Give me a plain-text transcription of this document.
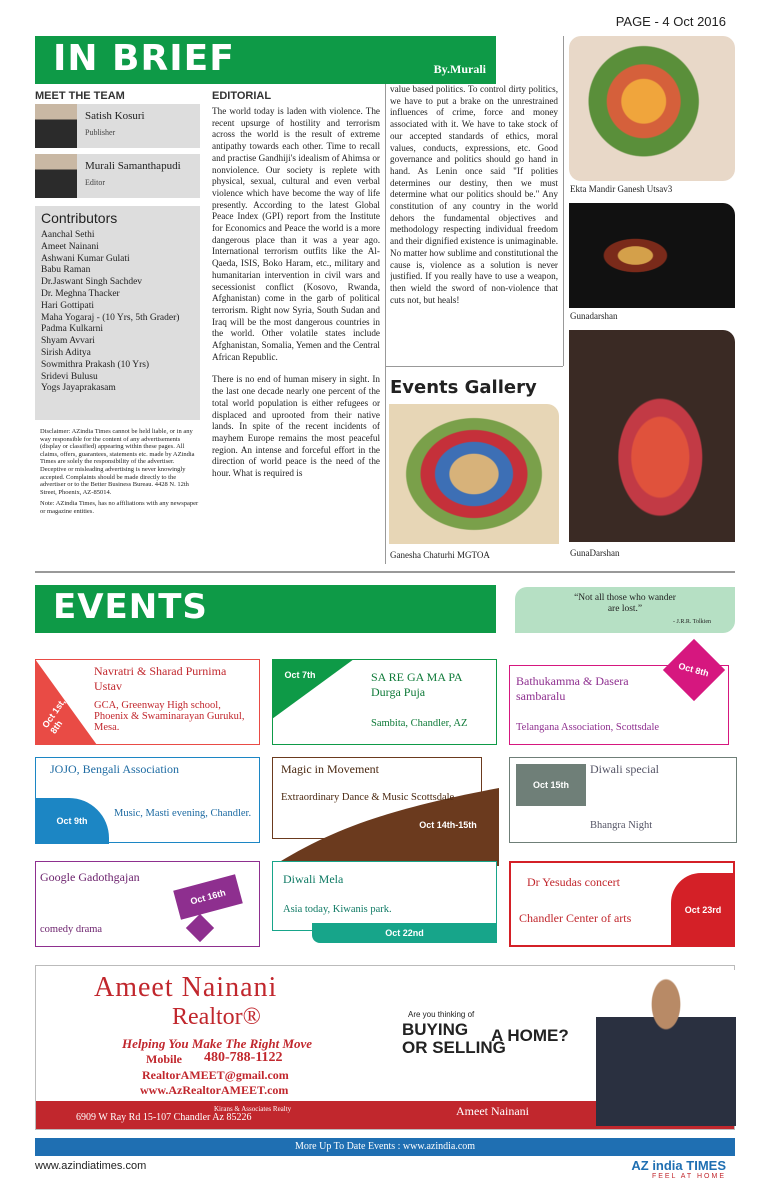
PAGE - 4 Oct 2016
IN BRIEF	By.Murali
MEET THE TEAM
Satish Kosuri
Publisher
Murali Samanthapudi
Editor
Contributors
Aanchal Sethi
Ameet Nainani
Ashwani Kumar Gulati
Babu Raman
Dr.Jaswant Singh Sachdev
Dr. Meghna Thacker
Hari Gottipati
Maha Yogaraj - (10 Yrs, 5th Grader)
Padma Kulkarni
Shyam Avvari
Sirish Aditya
Sowmithra Prakash (10 Yrs)
Sridevi Bulusu
Yogs Jayaprakasam
Disclaimer: AZindia Times cannot be held liable, or in any way responsible for the content of any advertisements (display or classified) appearing within these pages. All claims, offers, guarantees, statements etc. made by AZindia Times are solely the responsibility of the advertiser. Deceptive or misleading advertising is never knowingly accepted. Complaints should be made directly to the advertiser or to the Better Business Bureau. 4428 N. 12th Street, Phoenix, AZ-85014.
Note: AZindia Times, has no affiliations with any newspaper or magazine entities.
EDITORIAL

The world today is laden with violence. The recent upsurge of hostility and terrorism across the world is the result of extreme antipathy towards each other. Time to recall and practise Gandhiji's idealism of Ahimsa or nonviolence. Our society is replete with physical, sexual, cultural and even verbal violence which have become the way of life presently. According to the latest Global Peace Index (GPI) report from the Institute for Economics and Peace the world is a more dangerous place than it was a year ago. International terrorism outfits like the Al-Qaeda, ISIS, Boko Haram, etc., military and humanitarian intervention in civil wars and secessionist conflict (Kosovo, Rwanda, Afghanistan) come in the garb of political terrorism. Right now Syria, South Sudan and Iraq will be the most dangerous countries in the world. Other volatile states include Afghanistan, Somalia, Yemen and the Central African Republic.

There is no end of human misery in sight. In the last one decade nearly one percent of the total world population is either refugees or displaced and uprooted from their native lands. In spite of the recent incidents of mayhem Europe remains the most peaceful region. An intense and forceful effort in the direction of world peace is the need of the hour. What is required is

value based politics. To control dirty politics, we have to put a brake on the unrestrained influences of crime, force and money associated with it. We have to take stock of our accepted standards of ethics, moral values, conducts, expressions, etc. Good governance and politics should go hand in hand. As Lenin once said "If polities determines our destiny, then we must determine what our politics should be." Any constitution of any country in the world dehors the fundamental objectives and methodology respecting individual freedom and their dignified existence is unimaginable. No matter how sublime and constitutional the cause is, violence as a solution is never justified. If you really have to use a weapon, then wield the sword of non-violence that cuts not, but heals!

Ekta Mandir Ganesh Utsav3
Gunadarshan
GunaDarshan
Events Gallery
Ganesha Chaturhi MGTOA
EVENTS	“Not all those who wander are lost.”
- J.R.R. Tolkien
Oct 1st, 7th, 8th
Navratri & Sharad Purnima Ustav
GCA, Greenway High school, Phoenix & Swaminarayan Gurukul, Mesa.
Oct 7th	SA RE GA MA PA Durga Puja
Sambita, Chandler, AZ
Oct 8th
Bathukamma & Dasera sambaralu
Telangana Association, Scottsdale
Oct 9th
JOJO, Bengali Association
Music, Masti evening, Chandler.
Magic in Movement
Extraordinary Dance & Music Scottsdale
Oct 14th-15th
Oct 15th
Diwali special
Bhangra Night
Oct 16th
Google Gadothgajan
comedy drama
Diwali Mela
Asia today, Kiwanis park.
Oct 22nd
Oct 23rd
Dr Yesudas concert
Chandler Center of arts
Ameet Nainani
Realtor®
Helping You Make The Right Move
Mobile 480-788-1122
RealtorAMEET@gmail.com
www.AzRealtorAMEET.com
Kirans & Associates Realty
6909 W Ray Rd 15-107 Chandler Az 85226
Are you thinking of
BUYING
OR SELLING
A HOME?
Ameet Nainani
More Up To Date Events : www.azindia.com
www.azindiatimes.com	AZ india TIMES
FEEL AT HOME
